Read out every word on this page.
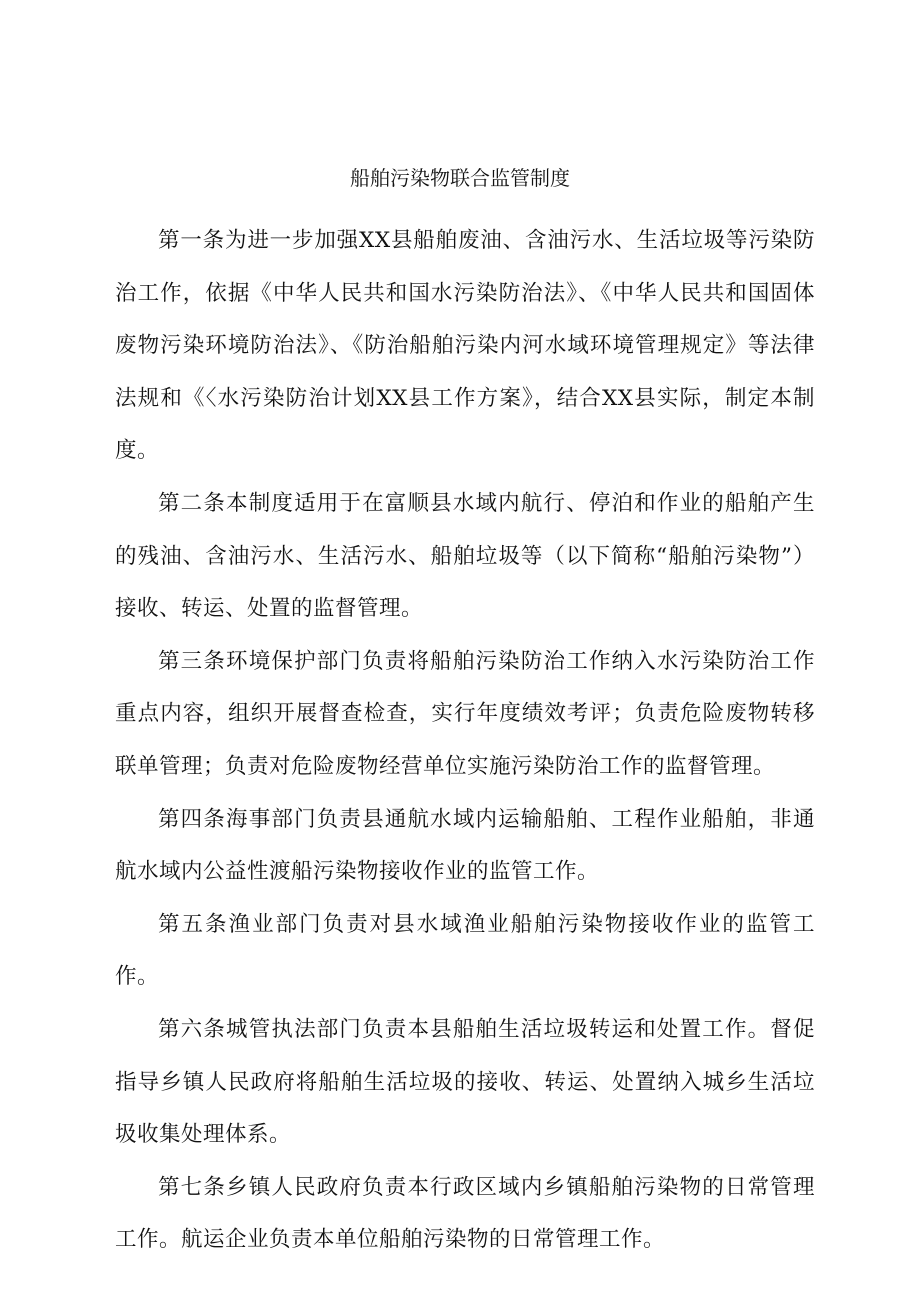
船舶污染物联合监管制度

第一条为进一步加强XX县船舶废油、含油污水、生活垃圾等污染防治工作，依据《中华人民共和国水污染防治法》、《中华人民共和国固体废物污染环境防治法》、《防治船舶污染内河水域环境管理规定》等法律法规和《〈水污染防治计划XX县工作方案》，结合XX县实际，制定本制度。

第二条本制度适用于在富顺县水域内航行、停泊和作业的船舶产生的残油、含油污水、生活污水、船舶垃圾等（以下简称“船舶污染物”）接收、转运、处置的监督管理。

第三条环境保护部门负责将船舶污染防治工作纳入水污染防治工作重点内容，组织开展督查检查，实行年度绩效考评；负责危险废物转移联单管理；负责对危险废物经营单位实施污染防治工作的监督管理。

第四条海事部门负责县通航水域内运输船舶、工程作业船舶，非通航水域内公益性渡船污染物接收作业的监管工作。

第五条渔业部门负责对县水域渔业船舶污染物接收作业的监管工作。

第六条城管执法部门负责本县船舶生活垃圾转运和处置工作。督促指导乡镇人民政府将船舶生活垃圾的接收、转运、处置纳入城乡生活垃圾收集处理体系。

第七条乡镇人民政府负责本行政区域内乡镇船舶污染物的日常管理工作。航运企业负责本单位船舶污染物的日常管理工作。
